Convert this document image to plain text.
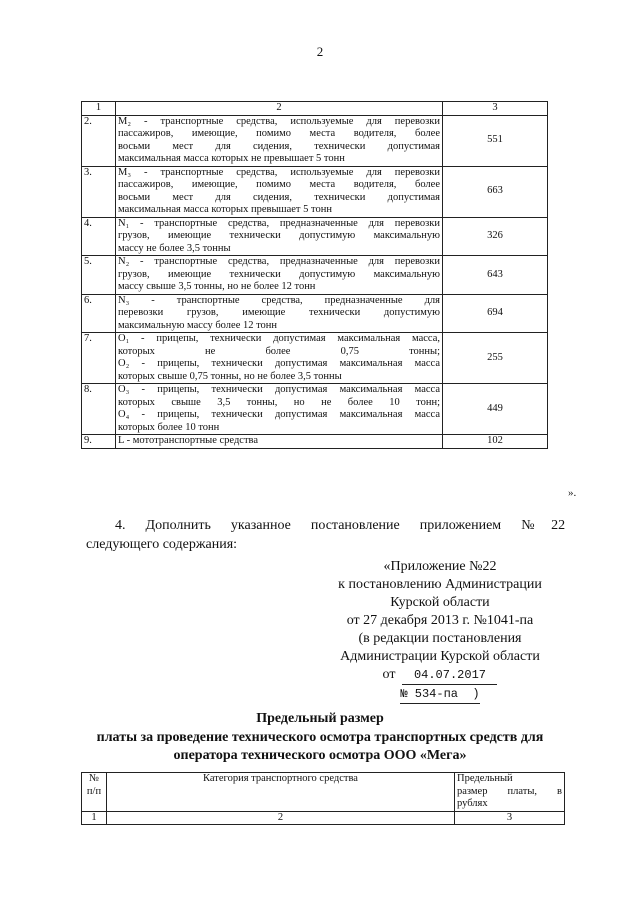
2
1	2	3
2.	M₂ - транспортные средства, используемые для перевозки
пассажиров, имеющие, помимо места водителя, более
восьми мест для сидения, технически допустимая
максимальная масса которых не превышает 5 тонн	551
3.	M₃ - транспортные средства, используемые для перевозки
пассажиров, имеющие, помимо места водителя, более
восьми мест для сидения, технически допустимая
максимальная масса которых превышает 5 тонн	663
4.	N₁ - транспортные средства, предназначенные для перевозки
грузов, имеющие технически допустимую максимальную
массу не более 3,5 тонны	326
5.	N₂ - транспортные средства, предназначенные для перевозки
грузов, имеющие технически допустимую максимальную
массу свыше 3,5 тонны, но не более 12 тонн	643
6.	N₃ - транспортные средства, предназначенные для
перевозки грузов, имеющие технически допустимую
максимальную массу более 12 тонн	694
7.	O₁ - прицепы, технически допустимая максимальная масса,
которых не более 0,75 тонны;
O₂ - прицепы, технически допустимая максимальная масса
которых свыше 0,75 тонны, но не более 3,5 тонны	255
8.	O₃ - прицепы, технически допустимая максимальная масса
которых свыше 3,5 тонны, но не более 10 тонн;
O₄ - прицепы, технически допустимая максимальная масса
которых более 10 тонн	449
9.	L - мототранспортные средства	102
».
4. Дополнить указанное постановление приложением №22
следующего содержания:
«Приложение №22
к постановлению Администрации
Курской области
от 27 декабря 2013 г. №1041-па
(в редакции постановления
Администрации Курской области
от 04.07.2017
№ 534-па )
Предельный размер
платы за проведение технического осмотра транспортных средств для
оператора технического осмотра ООО «Мега»
№
п/п	Категория транспортного средства	Предельный
размер платы, в
рублях

1	2	3
